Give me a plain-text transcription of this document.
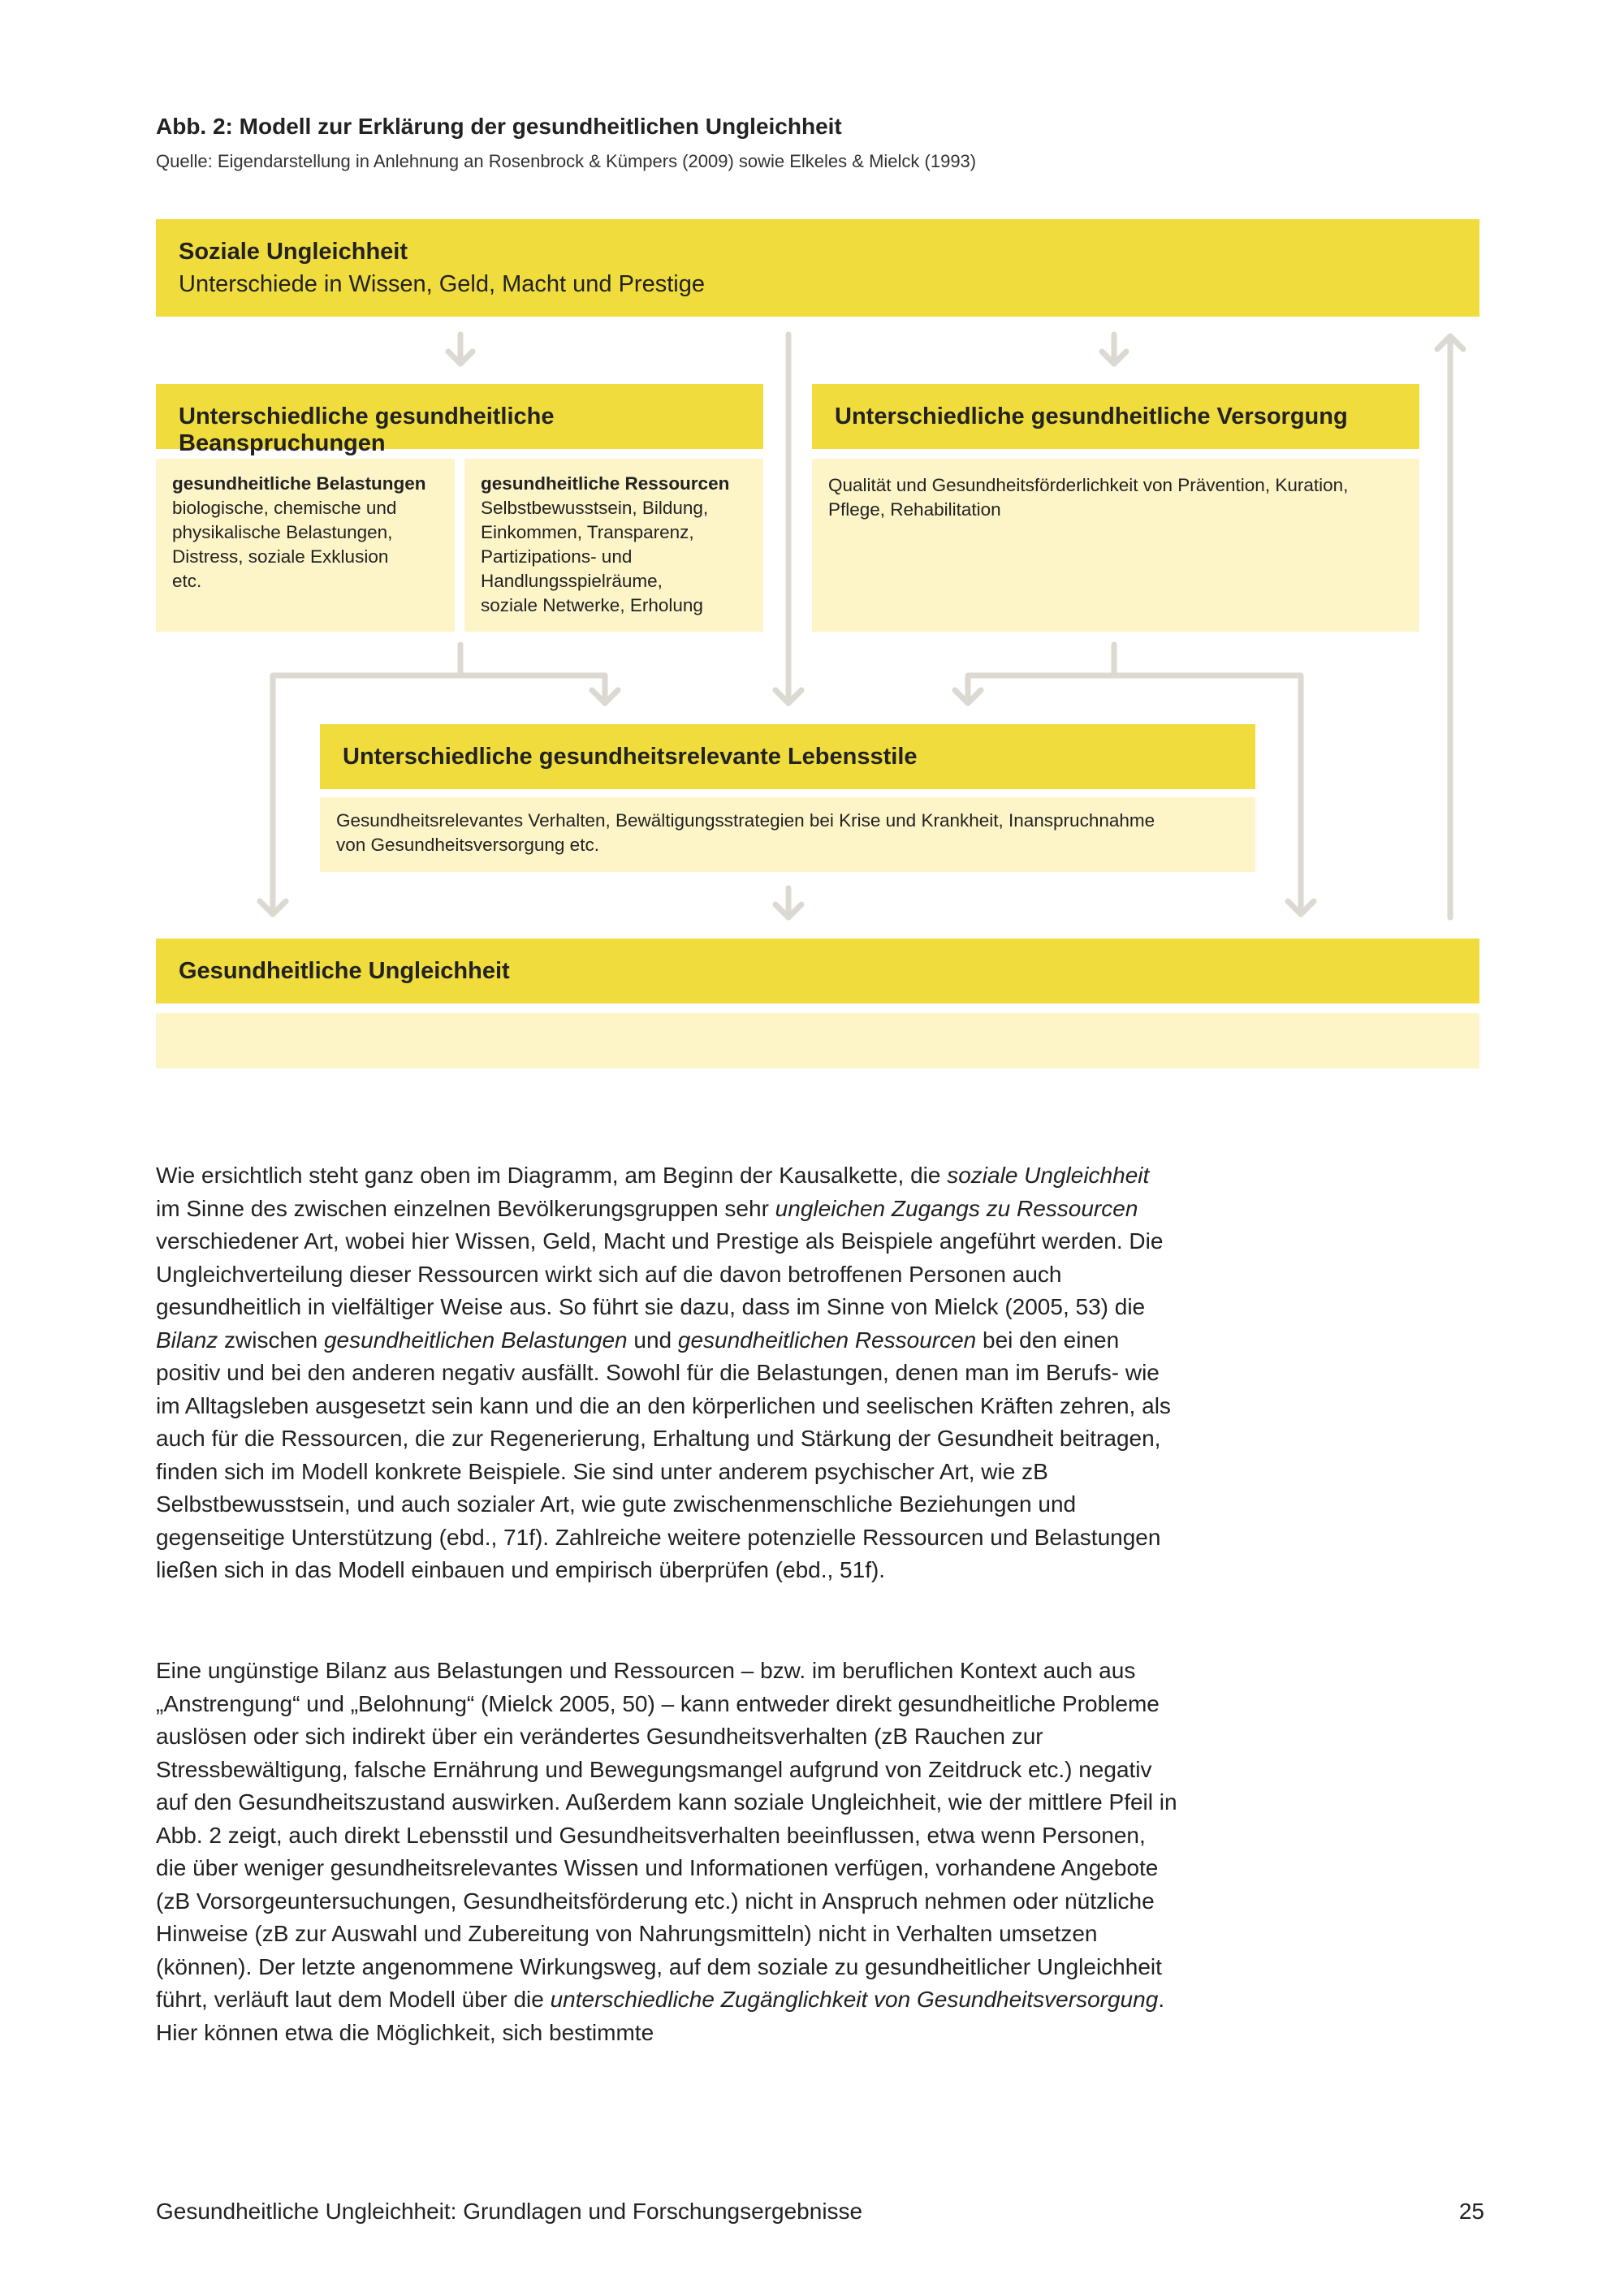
Abb. 2: Modell zur Erklärung der gesundheitlichen Ungleichheit
Quelle: Eigendarstellung in Anlehnung an Rosenbrock & Kümpers (2009) sowie Elkeles & Mielck (1993)
Soziale Ungleichheit
Unterschiede in Wissen, Geld, Macht und Prestige
Unterschiedliche gesundheitliche Beanspruchungen
gesundheitliche Belastungen
biologische, chemische und
physikalische Belastungen,
Distress, soziale Exklusion
etc.
gesundheitliche Ressourcen
Selbstbewusstsein, Bildung,
Einkommen, Transparenz,
Partizipations- und
Handlungsspielräume,
soziale Netwerke, Erholung
Unterschiedliche gesundheitliche Versorgung
Qualität und Gesundheitsförderlichkeit von Prävention, Kuration,
Pflege, Rehabilitation
Unterschiedliche gesundheitsrelevante Lebensstile
Gesundheitsrelevantes Verhalten, Bewältigungsstrategien bei Krise und Krankheit, Inanspruchnahme
von Gesundheitsversorgung etc.
Gesundheitliche Ungleichheit

Wie ersichtlich steht ganz oben im Diagramm, am Beginn der Kausalkette, die soziale Ungleichheit im Sinne des zwischen einzelnen Bevölkerungsgruppen sehr ungleichen Zugangs zu Ressourcen verschiedener Art, wobei hier Wissen, Geld, Macht und Prestige als Beispiele angeführt werden. Die Ungleichverteilung dieser Ressourcen wirkt sich auf die davon betroffenen Personen auch gesundheitlich in vielfältiger Weise aus. So führt sie dazu, dass im Sinne von Mielck (2005, 53) die Bilanz zwischen gesundheitlichen Belastungen und gesundheitlichen Ressourcen bei den einen positiv und bei den anderen negativ ausfällt. Sowohl für die Belastungen, denen man im Berufs- wie im Alltagsleben ausgesetzt sein kann und die an den körperlichen und seelischen Kräften zehren, als auch für die Ressourcen, die zur Regenerierung, Erhaltung und Stärkung der Gesundheit beitragen, finden sich im Modell konkrete Beispiele. Sie sind unter anderem psychischer Art, wie zB Selbstbewusstsein, und auch sozialer Art, wie gute zwischenmenschliche Beziehungen und gegenseitige Unterstützung (ebd., 71f). Zahlreiche weitere potenzielle Ressourcen und Belastungen ließen sich in das Modell einbauen und empirisch überprüfen (ebd., 51f).

Eine ungünstige Bilanz aus Belastungen und Ressourcen – bzw. im beruflichen Kontext auch aus „Anstrengung“ und „Belohnung“ (Mielck 2005, 50) – kann entweder direkt gesundheitliche Probleme auslösen oder sich indirekt über ein verändertes Gesundheitsverhalten (zB Rauchen zur Stressbewältigung, falsche Ernährung und Bewegungsmangel aufgrund von Zeitdruck etc.) negativ auf den Gesundheitszustand auswirken. Außerdem kann soziale Ungleichheit, wie der mittlere Pfeil in Abb. 2 zeigt, auch direkt Lebensstil und Gesundheitsverhalten beeinflussen, etwa wenn Personen, die über weniger gesundheitsrelevantes Wissen und Informationen verfügen, vorhandene Angebote (zB Vorsorgeuntersuchungen, Gesundheitsförderung etc.) nicht in Anspruch nehmen oder nützliche Hinweise (zB zur Auswahl und Zubereitung von Nahrungsmitteln) nicht in Verhalten umsetzen (können). Der letzte angenommene Wirkungsweg, auf dem soziale zu gesundheitlicher Ungleichheit führt, verläuft laut dem Modell über die unterschiedliche Zugänglichkeit von Gesundheitsversorgung. Hier können etwa die Möglichkeit, sich bestimmte

Gesundheitliche Ungleichheit: Grundlagen und Forschungsergebnisse	25
